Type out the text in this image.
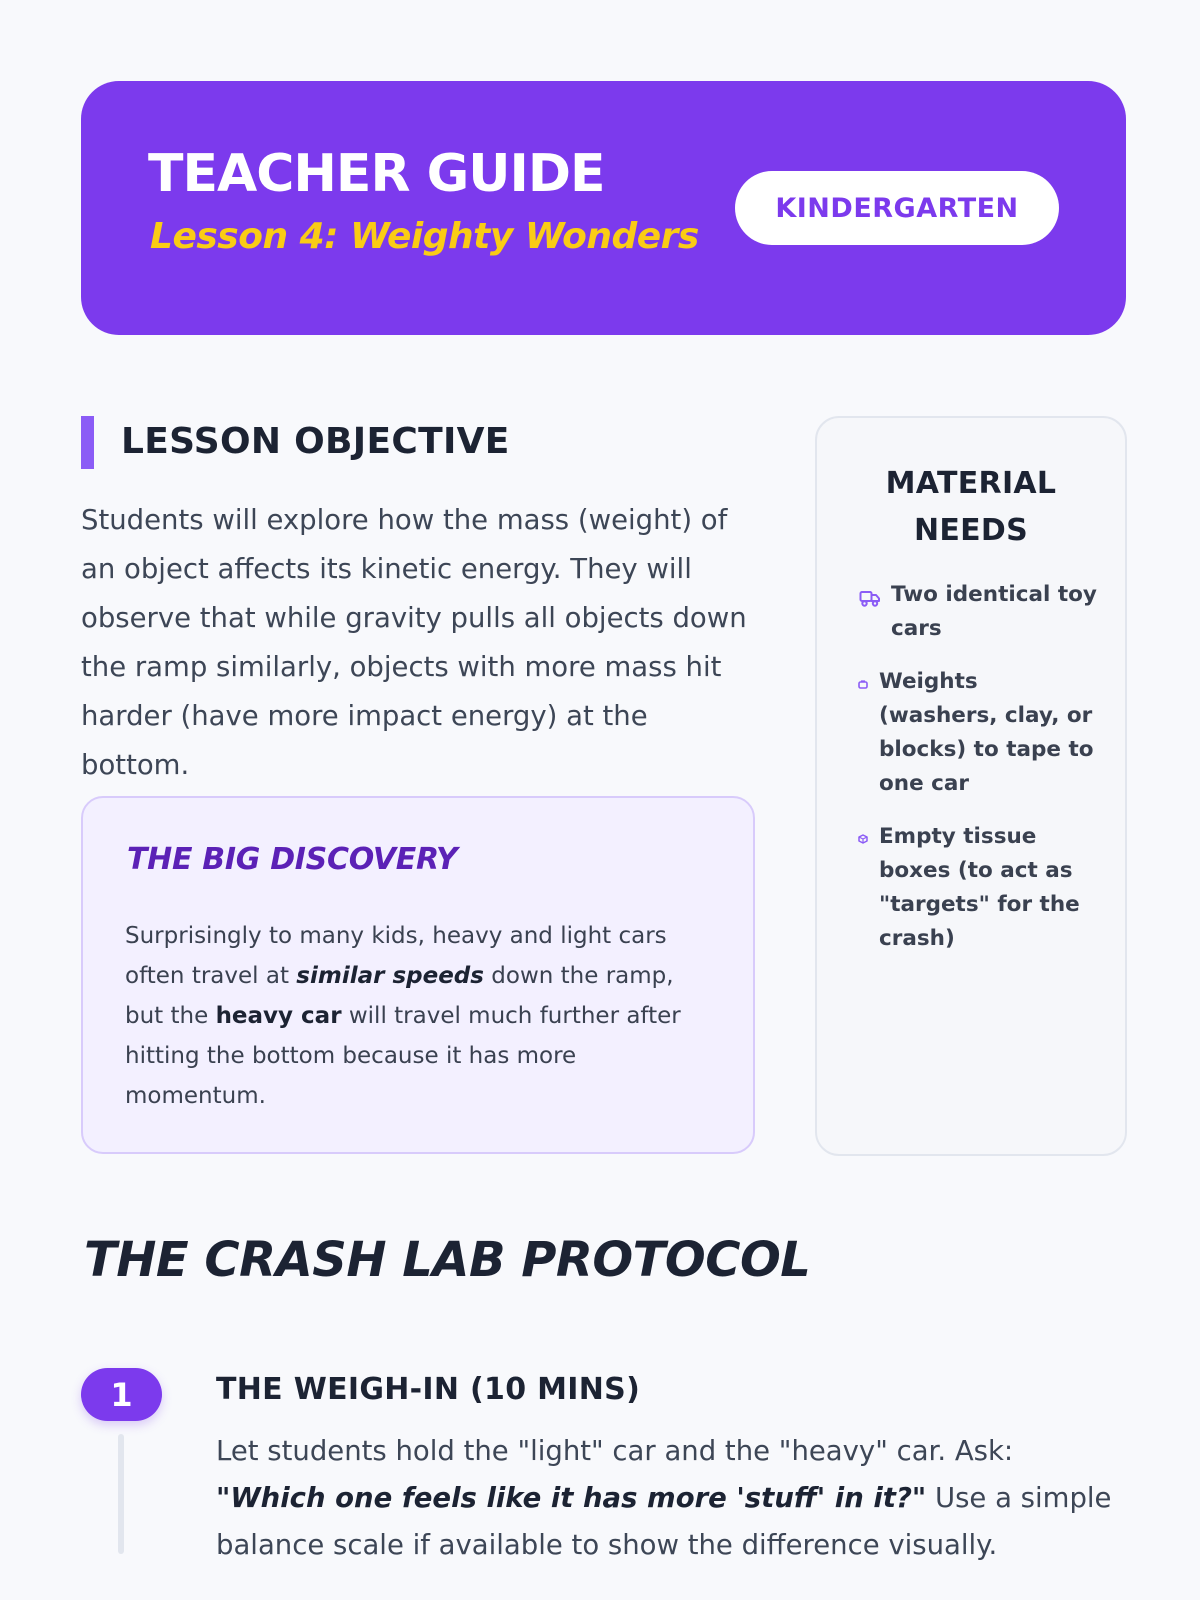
TEACHER GUIDE
Lesson 4: Weighty Wonders
KINDERGARTEN
LESSON OBJECTIVE
Students will explore how the mass (weight) of an object affects its kinetic energy. They will observe that while gravity pulls all objects down the ramp similarly, objects with more mass hit harder (have more impact energy) at the bottom.
THE BIG DISCOVERY
Surprisingly to many kids, heavy and light cars often travel at similar speeds down the ramp, but the heavy car will travel much further after hitting the bottom because it has more momentum.
MATERIAL
NEEDS
Two identical toy
cars
Weights
(washers, clay, or
blocks) to tape to
one car
Empty tissue
boxes (to act as
"targets" for the
crash)
THE CRASH LAB PROTOCOL
1	THE WEIGH-IN (10 MINS)
Let students hold the "light" car and the "heavy" car. Ask: "Which one feels like it has more 'stuff' in it?" Use a simple balance scale if available to show the difference visually.
